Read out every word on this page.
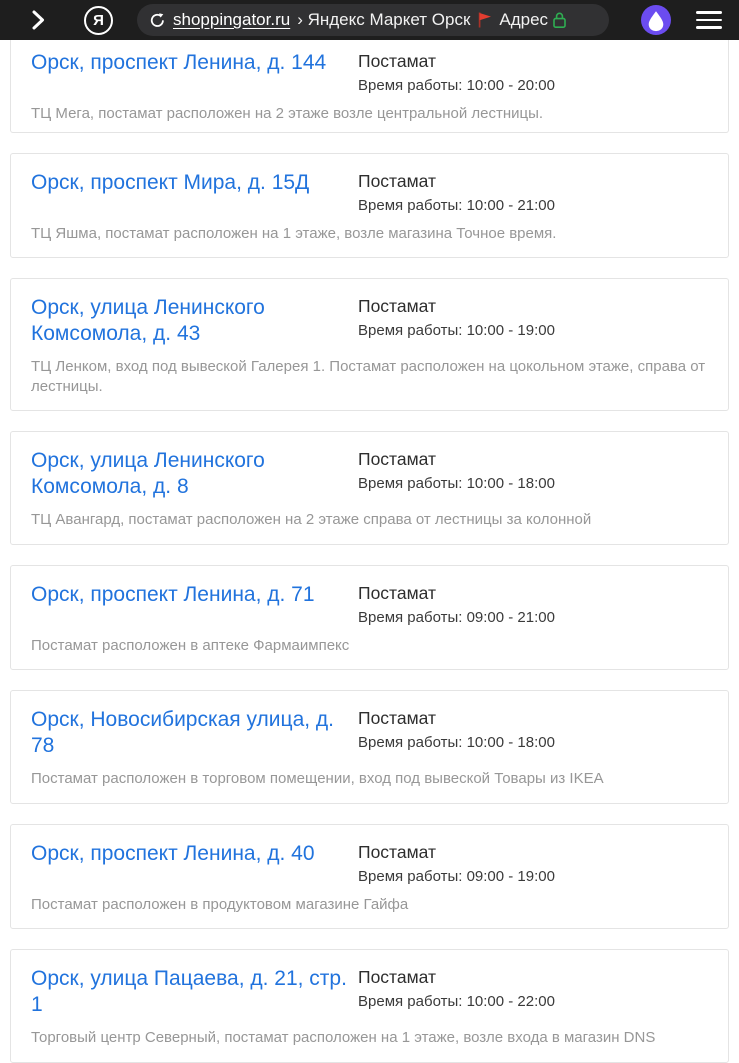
Я	shoppingator.ru › Яндекс Маркет Орск Адрес
Орск, проспект Ленина, д. 144	Постамат
Время работы: 10:00 - 20:00

ТЦ Мега, постамат расположен на 2 этаже возле центральной лестницы.

Орск, проспект Мира, д. 15Д	Постамат
Время работы: 10:00 - 21:00

ТЦ Яшма, постамат расположен на 1 этаже, возле магазина Точное время.

Орск, улица Ленинского Комсомола, д. 43
Постамат
Время работы: 10:00 - 19:00

ТЦ Ленком, вход под вывеской Галерея 1. Постамат расположен на цокольном этаже, справа от лестницы.

Орск, улица Ленинского Комсомола, д. 8
Постамат
Время работы: 10:00 - 18:00

ТЦ Авангард, постамат расположен на 2 этаже справа от лестницы за колонной

Орск, проспект Ленина, д. 71	Постамат
Время работы: 09:00 - 21:00

Постамат расположен в аптеке Фармаимпекс

Орск, Новосибирская улица, д. 78
Постамат
Время работы: 10:00 - 18:00

Постамат расположен в торговом помещении, вход под вывеской Товары из IKEA

Орск, проспект Ленина, д. 40	Постамат
Время работы: 09:00 - 19:00

Постамат расположен в продуктовом магазине Гайфа

Орск, улица Пацаева, д. 21, стр. 1
Постамат
Время работы: 10:00 - 22:00

Торговый центр Северный, постамат расположен на 1 этаже, возле входа в магазин DNS
